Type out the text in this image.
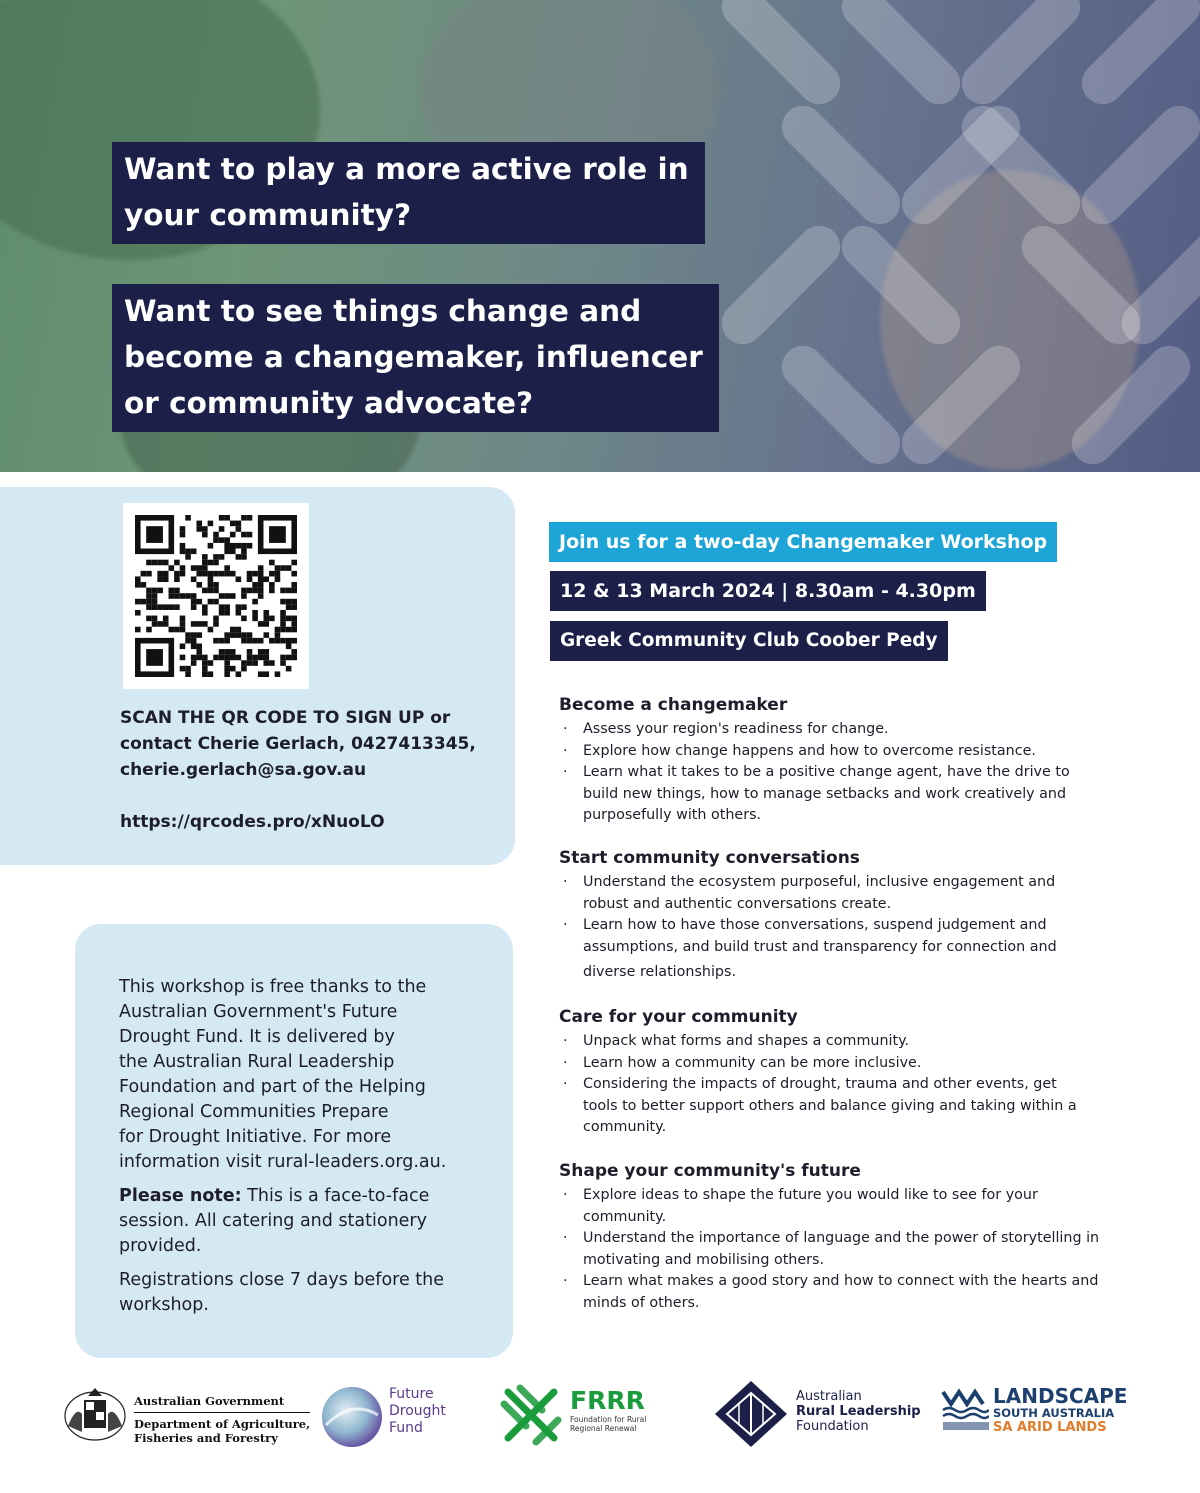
Want to play a more active role in
your community?
Want to see things change and
become a changemaker, influencer
or community advocate?
SCAN THE QR CODE TO SIGN UP or
contact Cherie Gerlach, 0427413345,
cherie.gerlach@sa.gov.au
https://qrcodes.pro/xNuoLO
This workshop is free thanks to the
Australian Government's Future
Drought Fund. It is delivered by
the Australian Rural Leadership
Foundation and part of the Helping
Regional Communities Prepare
for Drought Initiative. For more
information visit rural-leaders.org.au.
Please note: This is a face-to-face
session. All catering and stationery
provided.
Registrations close 7 days before the
workshop.
Join us for a two-day Changemaker Workshop
12 & 13 March 2024 | 8.30am - 4.30pm
Greek Community Club Coober Pedy
Become a changemaker
· Assess your region's readiness for change.
· Explore how change happens and how to overcome resistance.
· Learn what it takes to be a positive change agent, have the drive to
build new things, how to manage setbacks and work creatively and
purposefully with others.
Start community conversations
· Understand the ecosystem purposeful, inclusive engagement and
robust and authentic conversations create.
· Learn how to have those conversations, suspend judgement and
assumptions, and build trust and transparency for connection and
diverse relationships.
Care for your community
· Unpack what forms and shapes a community.
· Learn how a community can be more inclusive.
· Considering the impacts of drought, trauma and other events, get
tools to better support others and balance giving and taking within a
community.
Shape your community's future
· Explore ideas to shape the future you would like to see for your
community.
· Understand the importance of language and the power of storytelling in
motivating and mobilising others.
· Learn what makes a good story and how to connect with the hearts and
minds of others.
Australian Government
Department of Agriculture,
Fisheries and Forestry
Future
Drought
Fund
FRRR
Foundation for Rural
Regional Renewal
Australian
Rural Leadership
Foundation
LANDSCAPE
SOUTH AUSTRALIA
SA ARID LANDS
